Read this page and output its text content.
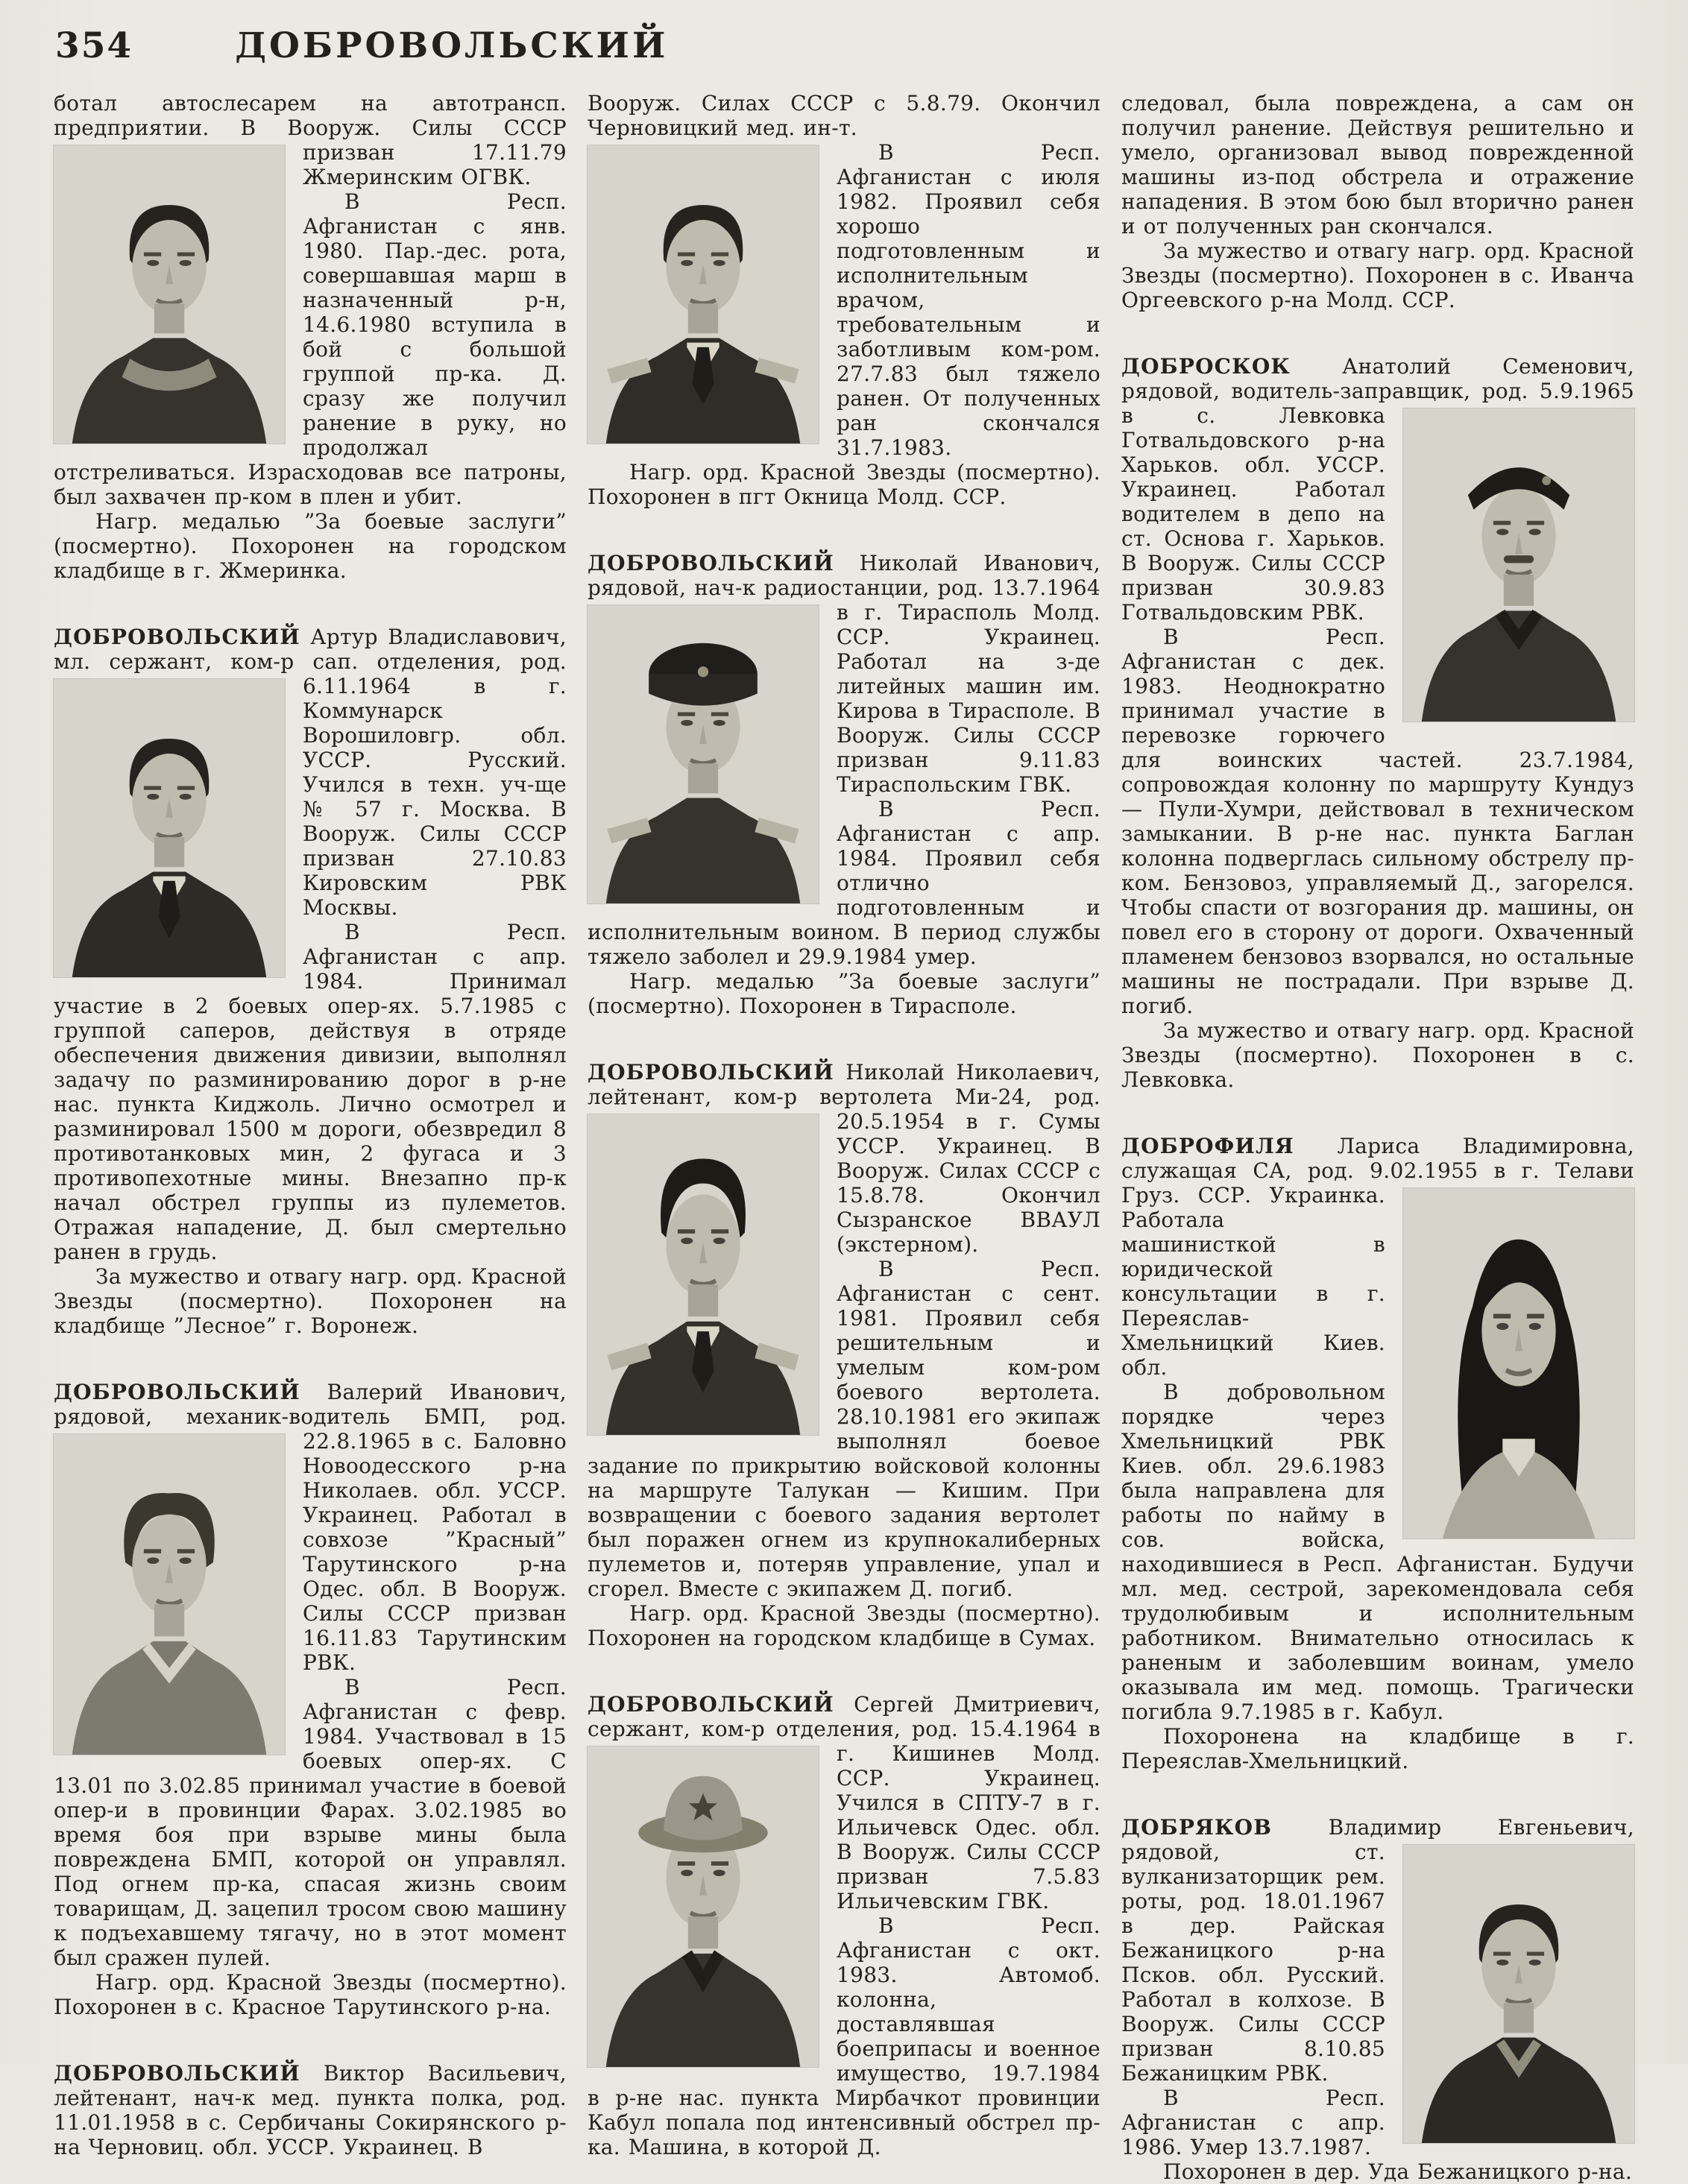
354	ДОБРОВОЛЬСКИЙ

ботал автослесарем на автотрансп. предприятии. В Вооруж. Силы СССР призван
17.11.79 Жмеринским ОГВК.

В Респ. Афганистан с янв. 1980. Пар.-дес. рота, совершавшая марш в назначенный р-н, 14.6.1980 вступила в бой с большой группой пр-ка. Д. сразу же получил ранение в руку, но продолжал отстреливаться. Израсходовав все патроны, был захвачен пр-ком в плен и убит.

Нагр. медалью ”За боевые заслуги” (посмертно). Похоронен на городском кладбище в г. Жмеринка.

ДОБРОВОЛЬСКИЙ Артур Владиславович, мл. сержант, ком-р сап. отделения, род.
6.11.1964 в г. Коммунарск Ворошиловгр. обл. УССР. Русский. Учился в техн. уч-ще № 57 г. Москва. В Вооруж. Силы СССР призван 27.10.83 Кировским РВК Москвы.

В Респ. Афганистан с апр. 1984. Принимал участие в 2 боевых опер-ях. 5.7.1985 с группой саперов, действуя в отряде обеспечения движения дивизии, выполнял задачу по разминированию дорог в р-не нас. пункта Киджоль. Лично осмотрел и разминировал 1500 м дороги, обезвредил 8 противотанковых мин, 2 фугаса и 3 противопехотные мины. Внезапно пр-к начал обстрел группы из пулеметов. Отражая нападение, Д. был смертельно ранен в грудь.

За мужество и отвагу нагр. орд. Красной Звезды (посмертно). Похоронен на кладбище ”Лесное” г. Воронеж.

ДОБРОВОЛЬСКИЙ Валерий Иванович, рядовой, механик-водитель БМП, род.
22.8.1965 в с. Баловно Новоодесского р-на Николаев. обл. УССР. Украинец. Работал в совхозе ”Красный” Тарутинского р-на Одес. обл. В Вооруж. Силы СССР призван 16.11.83 Тарутинским РВК.

В Респ. Афганистан с февр. 1984. Участвовал в 15 боевых опер-ях. С 13.01 по 3.02.85 принимал участие в боевой опер-и в провинции Фарах. 3.02.1985 во время боя при взрыве мины была повреждена БМП, которой он управлял. Под огнем пр-ка, спасая жизнь своим товарищам, Д. зацепил тросом свою машину к подъехавшему тягачу, но в этот момент был сражен пулей.

Нагр. орд. Красной Звезды (посмертно). Похоронен в с. Красное Тарутинского р-на.

ДОБРОВОЛЬСКИЙ Виктор Васильевич, лейтенант, нач-к мед. пункта полка, род. 11.01.1958 в с. Сербичаны Сокирянского р-на Черновиц. обл. УССР. Украинец. В

Вооруж. Силах СССР с 5.8.79. Окончил Черновицкий мед. ин-т.

В Респ. Афганистан с июля 1982. Проявил себя хорошо подготовленным и исполнительным врачом, требовательным и заботливым ком-ром. 27.7.83 был тяжело ранен. От полученных ран скончался 31.7.1983.

Нагр. орд. Красной Звезды (посмертно). Похоронен в пгт Окница Молд. ССР.

ДОБРОВОЛЬСКИЙ Николай Иванович, рядовой, нач-к радиостанции, род.
13.7.1964 в г. Тирасполь Молд. ССР. Украинец. Работал на з-де литейных машин им. Кирова в Тирасполе. В Вооруж. Силы СССР призван 9.11.83 Тираспольским ГВК.

В Респ. Афганистан с апр. 1984. Проявил себя отлично подготовленным и исполнительным воином. В период службы тяжело заболел и 29.9.1984 умер.

Нагр. медалью ”За боевые заслуги” (посмертно). Похоронен в Тирасполе.

ДОБРОВОЛЬСКИЙ Николай Николаевич, лейтенант, ком-р вертолета Ми-24, род.
20.5.1954 в г. Сумы УССР. Украинец. В Вооруж. Силах СССР с 15.8.78. Окончил Сызранское ВВАУЛ (экстерном).

В Респ. Афганистан с сент. 1981. Проявил себя решительным и умелым ком-ром боевого вертолета. 28.10.1981 его экипаж выполнял боевое задание по прикрытию войсковой колонны на маршруте Талукан — Кишим. При возвращении с боевого задания вертолет был поражен огнем из крупнокалиберных пулеметов и, потеряв управление, упал и сгорел. Вместе с экипажем Д. погиб.

Нагр. орд. Красной Звезды (посмертно). Похоронен на городском кладбище в Сумах.

ДОБРОВОЛЬСКИЙ Сергей Дмитриевич, сержант, ком-р отделения, род. 15.4.1964
в г. Кишинев Молд. ССР. Украинец. Учился в СПТУ-7 в г. Ильичевск Одес. обл. В Вооруж. Силы СССР призван 7.5.83 Ильичевским ГВК.

В Респ. Афганистан с окт. 1983. Автомоб. колонна, доставлявшая боеприпасы и военное имущество, 19.7.1984 в р-не нас. пункта Мирбачкот провинции Кабул попала под интенсивный обстрел пр-ка. Машина, в которой Д.

следовал, была повреждена, а сам он получил ранение. Действуя решительно и умело, организовал вывод поврежденной машины из-под обстрела и отражение нападения. В этом бою был вторично ранен и от полученных ран скончался.

За мужество и отвагу нагр. орд. Красной Звезды (посмертно). Похоронен в с. Иванча Оргеевского р-на Молд. ССР.

ДОБРОСКОК Анатолий Семенович, рядовой, водитель-заправщик, род. 5.9.1965 в
с. Левковка Готвальдовского р-на Харьков. обл. УССР. Украинец. Работал водителем в депо на ст. Основа г. Харьков. В Вооруж. Силы СССР призван 30.9.83 Готвальдовским РВК.

В Респ. Афганистан с дек. 1983. Неоднократно принимал участие в перевозке горючего для воинских частей. 23.7.1984, сопровождая колонну по маршруту Кундуз — Пули-Хумри, действовал в техническом замыкании. В р-не нас. пункта Баглан колонна подверглась сильному обстрелу пр-ком. Бензовоз, управляемый Д., загорелся. Чтобы спасти от возгорания др. машины, он повел его в сторону от дороги. Охваченный пламенем бензовоз взорвался, но остальные машины не пострадали. При взрыве Д. погиб.

За мужество и отвагу нагр. орд. Красной Звезды (посмертно). Похоронен в с. Левковка.

ДОБРОФИЛЯ Лариса Владимировна, служащая СА, род. 9.02.1955 в г. Телави Груз. ССР. Украинка.
Работала машинисткой в юридической консультации в г. Переяслав-Хмельницкий Киев. обл.

В добровольном порядке через Хмельницкий РВК Киев. обл. 29.6.1983 была направлена для работы по найму в сов. войска, находившиеся в Респ. Афганистан. Будучи мл. мед. сестрой, зарекомендовала себя трудолюбивым и исполнительным работником. Внимательно относилась к раненым и заболевшим воинам, умело оказывала им мед. помощь. Трагически погибла 9.7.1985 в г. Кабул.

Похоронена на кладбище в г. Переяслав-Хмельницкий.

ДОБРЯКОВ Владимир Евгеньевич, рядовой,
ст. вулканизаторщик рем. роты, род. 18.01.1967 в дер. Райская Бежаницкого р-на Псков. обл. Русский. Работал в колхозе. В Вооруж. Силы СССР призван 8.10.85 Бежаницким РВК.

В Респ. Афганистан с апр. 1986. Умер 13.7.1987.

Похоронен в дер. Уда Бежаницкого р-на.
